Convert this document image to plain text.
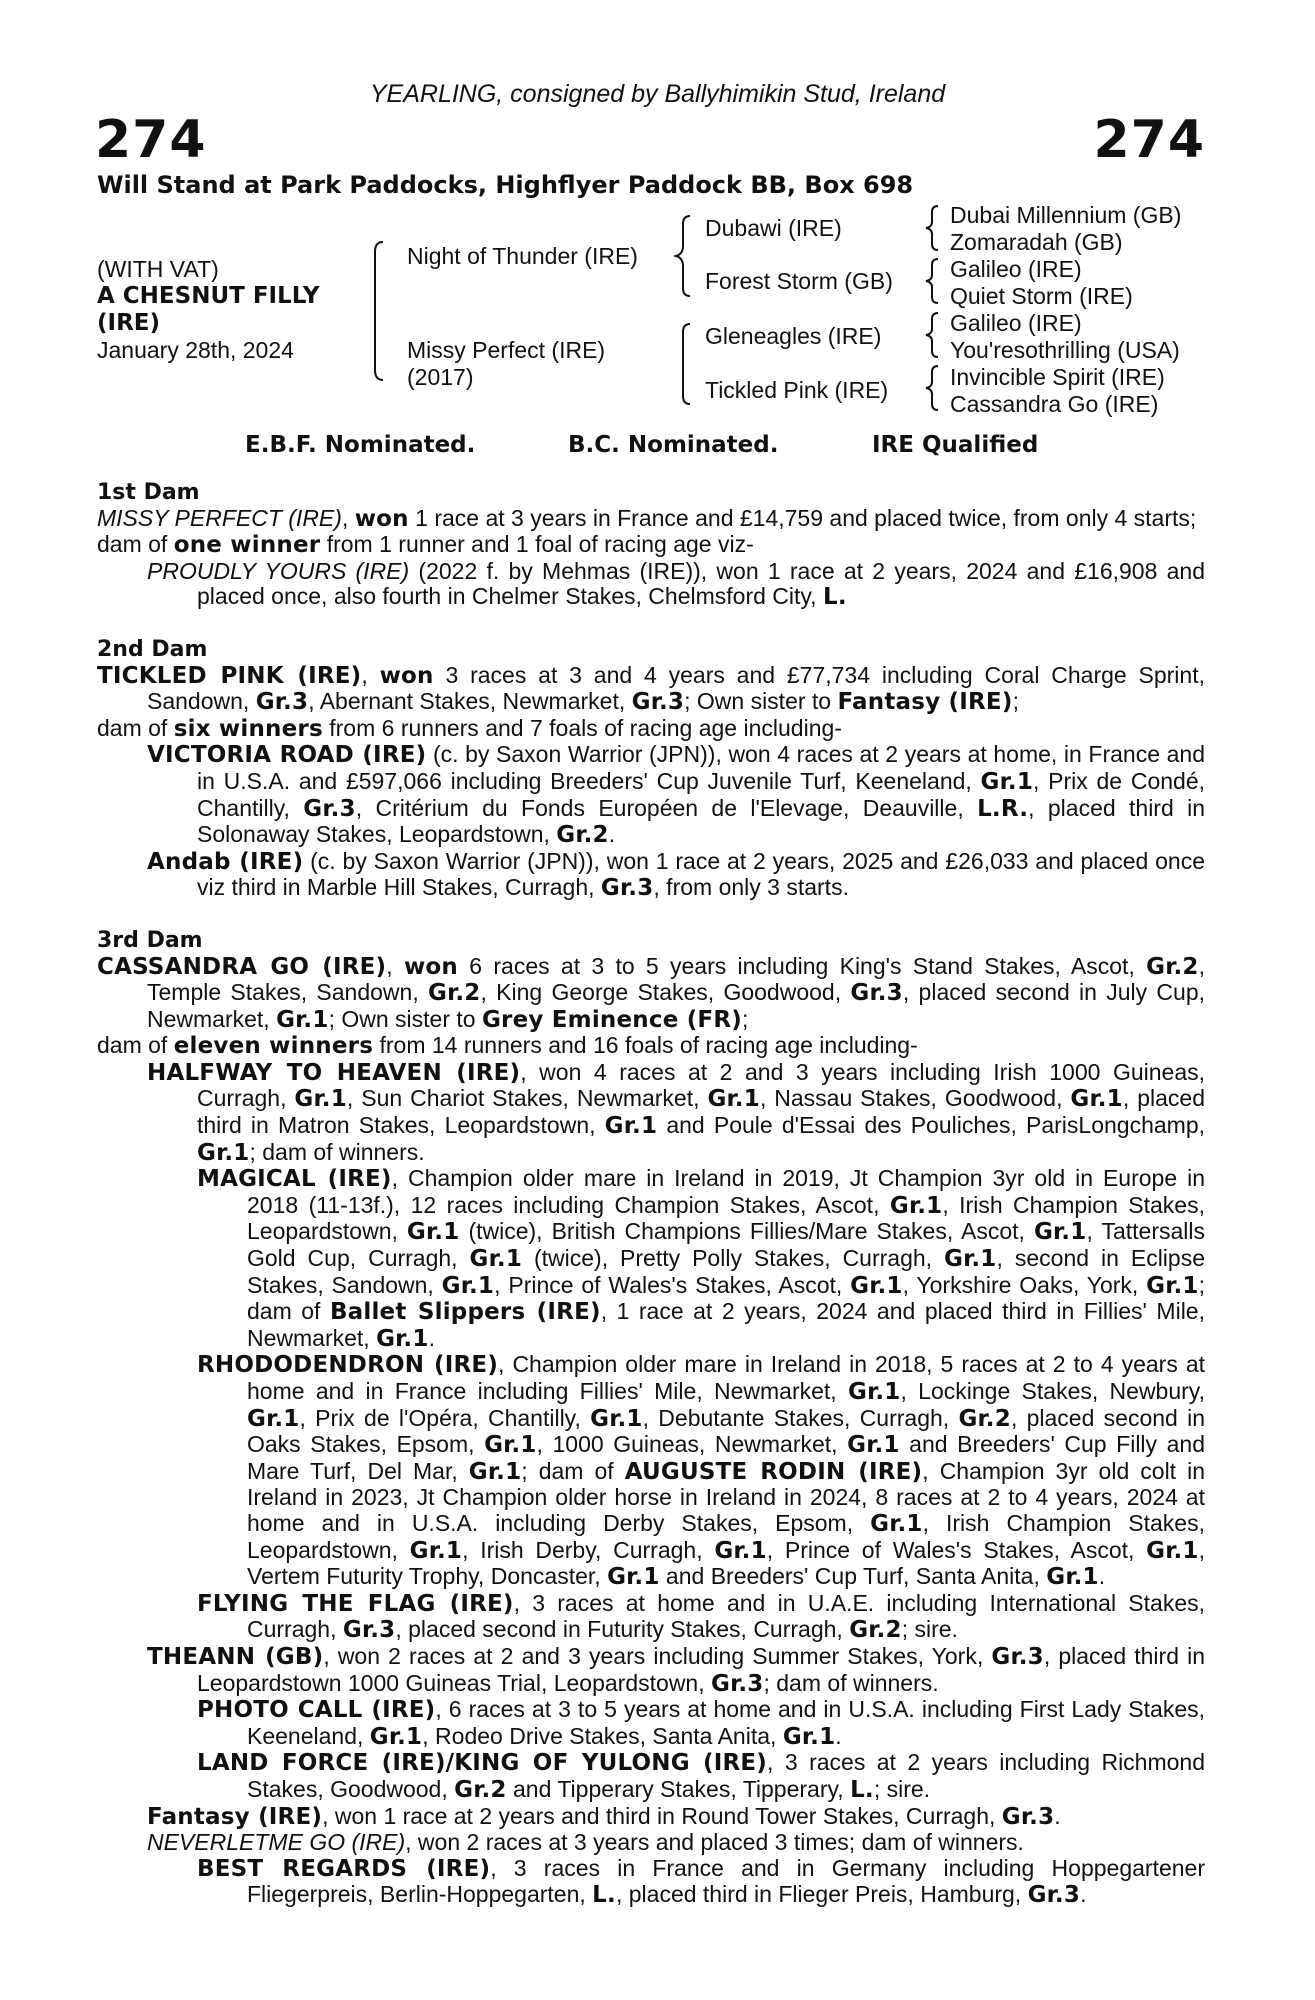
YEARLING, consigned by Ballyhimikin Stud, Ireland
274	274
Will Stand at Park Paddocks, Highflyer Paddock BB, Box 698
(WITH VAT)
A CHESNUT FILLY
(IRE)
January 28th, 2024
Night of Thunder (IRE)
Missy Perfect (IRE)
(2017)
Dubawi (IRE)
Forest Storm (GB)
Gleneagles (IRE)
Tickled Pink (IRE)
Dubai Millennium (GB)
Zomaradah (GB)
Galileo (IRE)
Quiet Storm (IRE)
Galileo (IRE)
You'resothrilling (USA)
Invincible Spirit (IRE)
Cassandra Go (IRE)
E.B.F. Nominated.	B.C. Nominated.	IRE Qualified
1st Dam
MISSY PERFECT (IRE), won 1 race at 3 years in France and £14,759 and placed twice, from only 4 starts;
dam of one winner from 1 runner and 1 foal of racing age viz-
PROUDLY YOURS (IRE) (2022 f. by Mehmas (IRE)), won 1 race at 2 years, 2024 and £16,908 and placed once, also fourth in Chelmer Stakes, Chelmsford City, L.
2nd Dam
TICKLED PINK (IRE), won 3 races at 3 and 4 years and £77,734 including Coral Charge Sprint, Sandown, Gr.3, Abernant Stakes, Newmarket, Gr.3; Own sister to Fantasy (IRE);
dam of six winners from 6 runners and 7 foals of racing age including-
VICTORIA ROAD (IRE) (c. by Saxon Warrior (JPN)), won 4 races at 2 years at home, in France and in U.S.A. and £597,066 including Breeders' Cup Juvenile Turf, Keeneland, Gr.1, Prix de Condé, Chantilly, Gr.3, Critérium du Fonds Européen de l'Elevage, Deauville, L.R., placed third in Solonaway Stakes, Leopardstown, Gr.2.
Andab (IRE) (c. by Saxon Warrior (JPN)), won 1 race at 2 years, 2025 and £26,033 and placed once viz third in Marble Hill Stakes, Curragh, Gr.3, from only 3 starts.
3rd Dam
CASSANDRA GO (IRE), won 6 races at 3 to 5 years including King's Stand Stakes, Ascot, Gr.2, Temple Stakes, Sandown, Gr.2, King George Stakes, Goodwood, Gr.3, placed second in July Cup, Newmarket, Gr.1; Own sister to Grey Eminence (FR);
dam of eleven winners from 14 runners and 16 foals of racing age including-
HALFWAY TO HEAVEN (IRE), won 4 races at 2 and 3 years including Irish 1000 Guineas, Curragh, Gr.1, Sun Chariot Stakes, Newmarket, Gr.1, Nassau Stakes, Goodwood, Gr.1, placed third in Matron Stakes, Leopardstown, Gr.1 and Poule d'Essai des Pouliches, ParisLongchamp, Gr.1; dam of winners.
MAGICAL (IRE), Champion older mare in Ireland in 2019, Jt Champion 3yr old in Europe in 2018 (11-13f.), 12 races including Champion Stakes, Ascot, Gr.1, Irish Champion Stakes, Leopardstown, Gr.1 (twice), British Champions Fillies/Mare Stakes, Ascot, Gr.1, Tattersalls Gold Cup, Curragh, Gr.1 (twice), Pretty Polly Stakes, Curragh, Gr.1, second in Eclipse Stakes, Sandown, Gr.1, Prince of Wales's Stakes, Ascot, Gr.1, Yorkshire Oaks, York, Gr.1; dam of Ballet Slippers (IRE), 1 race at 2 years, 2024 and placed third in Fillies' Mile, Newmarket, Gr.1.
RHODODENDRON (IRE), Champion older mare in Ireland in 2018, 5 races at 2 to 4 years at home and in France including Fillies' Mile, Newmarket, Gr.1, Lockinge Stakes, Newbury, Gr.1, Prix de l'Opéra, Chantilly, Gr.1, Debutante Stakes, Curragh, Gr.2, placed second in Oaks Stakes, Epsom, Gr.1, 1000 Guineas, Newmarket, Gr.1 and Breeders' Cup Filly and Mare Turf, Del Mar, Gr.1; dam of AUGUSTE RODIN (IRE), Champion 3yr old colt in Ireland in 2023, Jt Champion older horse in Ireland in 2024, 8 races at 2 to 4 years, 2024 at home and in U.S.A. including Derby Stakes, Epsom, Gr.1, Irish Champion Stakes, Leopardstown, Gr.1, Irish Derby, Curragh, Gr.1, Prince of Wales's Stakes, Ascot, Gr.1, Vertem Futurity Trophy, Doncaster, Gr.1 and Breeders' Cup Turf, Santa Anita, Gr.1.
FLYING THE FLAG (IRE), 3 races at home and in U.A.E. including International Stakes, Curragh, Gr.3, placed second in Futurity Stakes, Curragh, Gr.2; sire.
THEANN (GB), won 2 races at 2 and 3 years including Summer Stakes, York, Gr.3, placed third in Leopardstown 1000 Guineas Trial, Leopardstown, Gr.3; dam of winners.
PHOTO CALL (IRE), 6 races at 3 to 5 years at home and in U.S.A. including First Lady Stakes, Keeneland, Gr.1, Rodeo Drive Stakes, Santa Anita, Gr.1.
LAND FORCE (IRE)/KING OF YULONG (IRE), 3 races at 2 years including Richmond Stakes, Goodwood, Gr.2 and Tipperary Stakes, Tipperary, L.; sire.
Fantasy (IRE), won 1 race at 2 years and third in Round Tower Stakes, Curragh, Gr.3.
NEVERLETME GO (IRE), won 2 races at 3 years and placed 3 times; dam of winners.
BEST REGARDS (IRE), 3 races in France and in Germany including Hoppegartener Fliegerpreis, Berlin-Hoppegarten, L., placed third in Flieger Preis, Hamburg, Gr.3.
